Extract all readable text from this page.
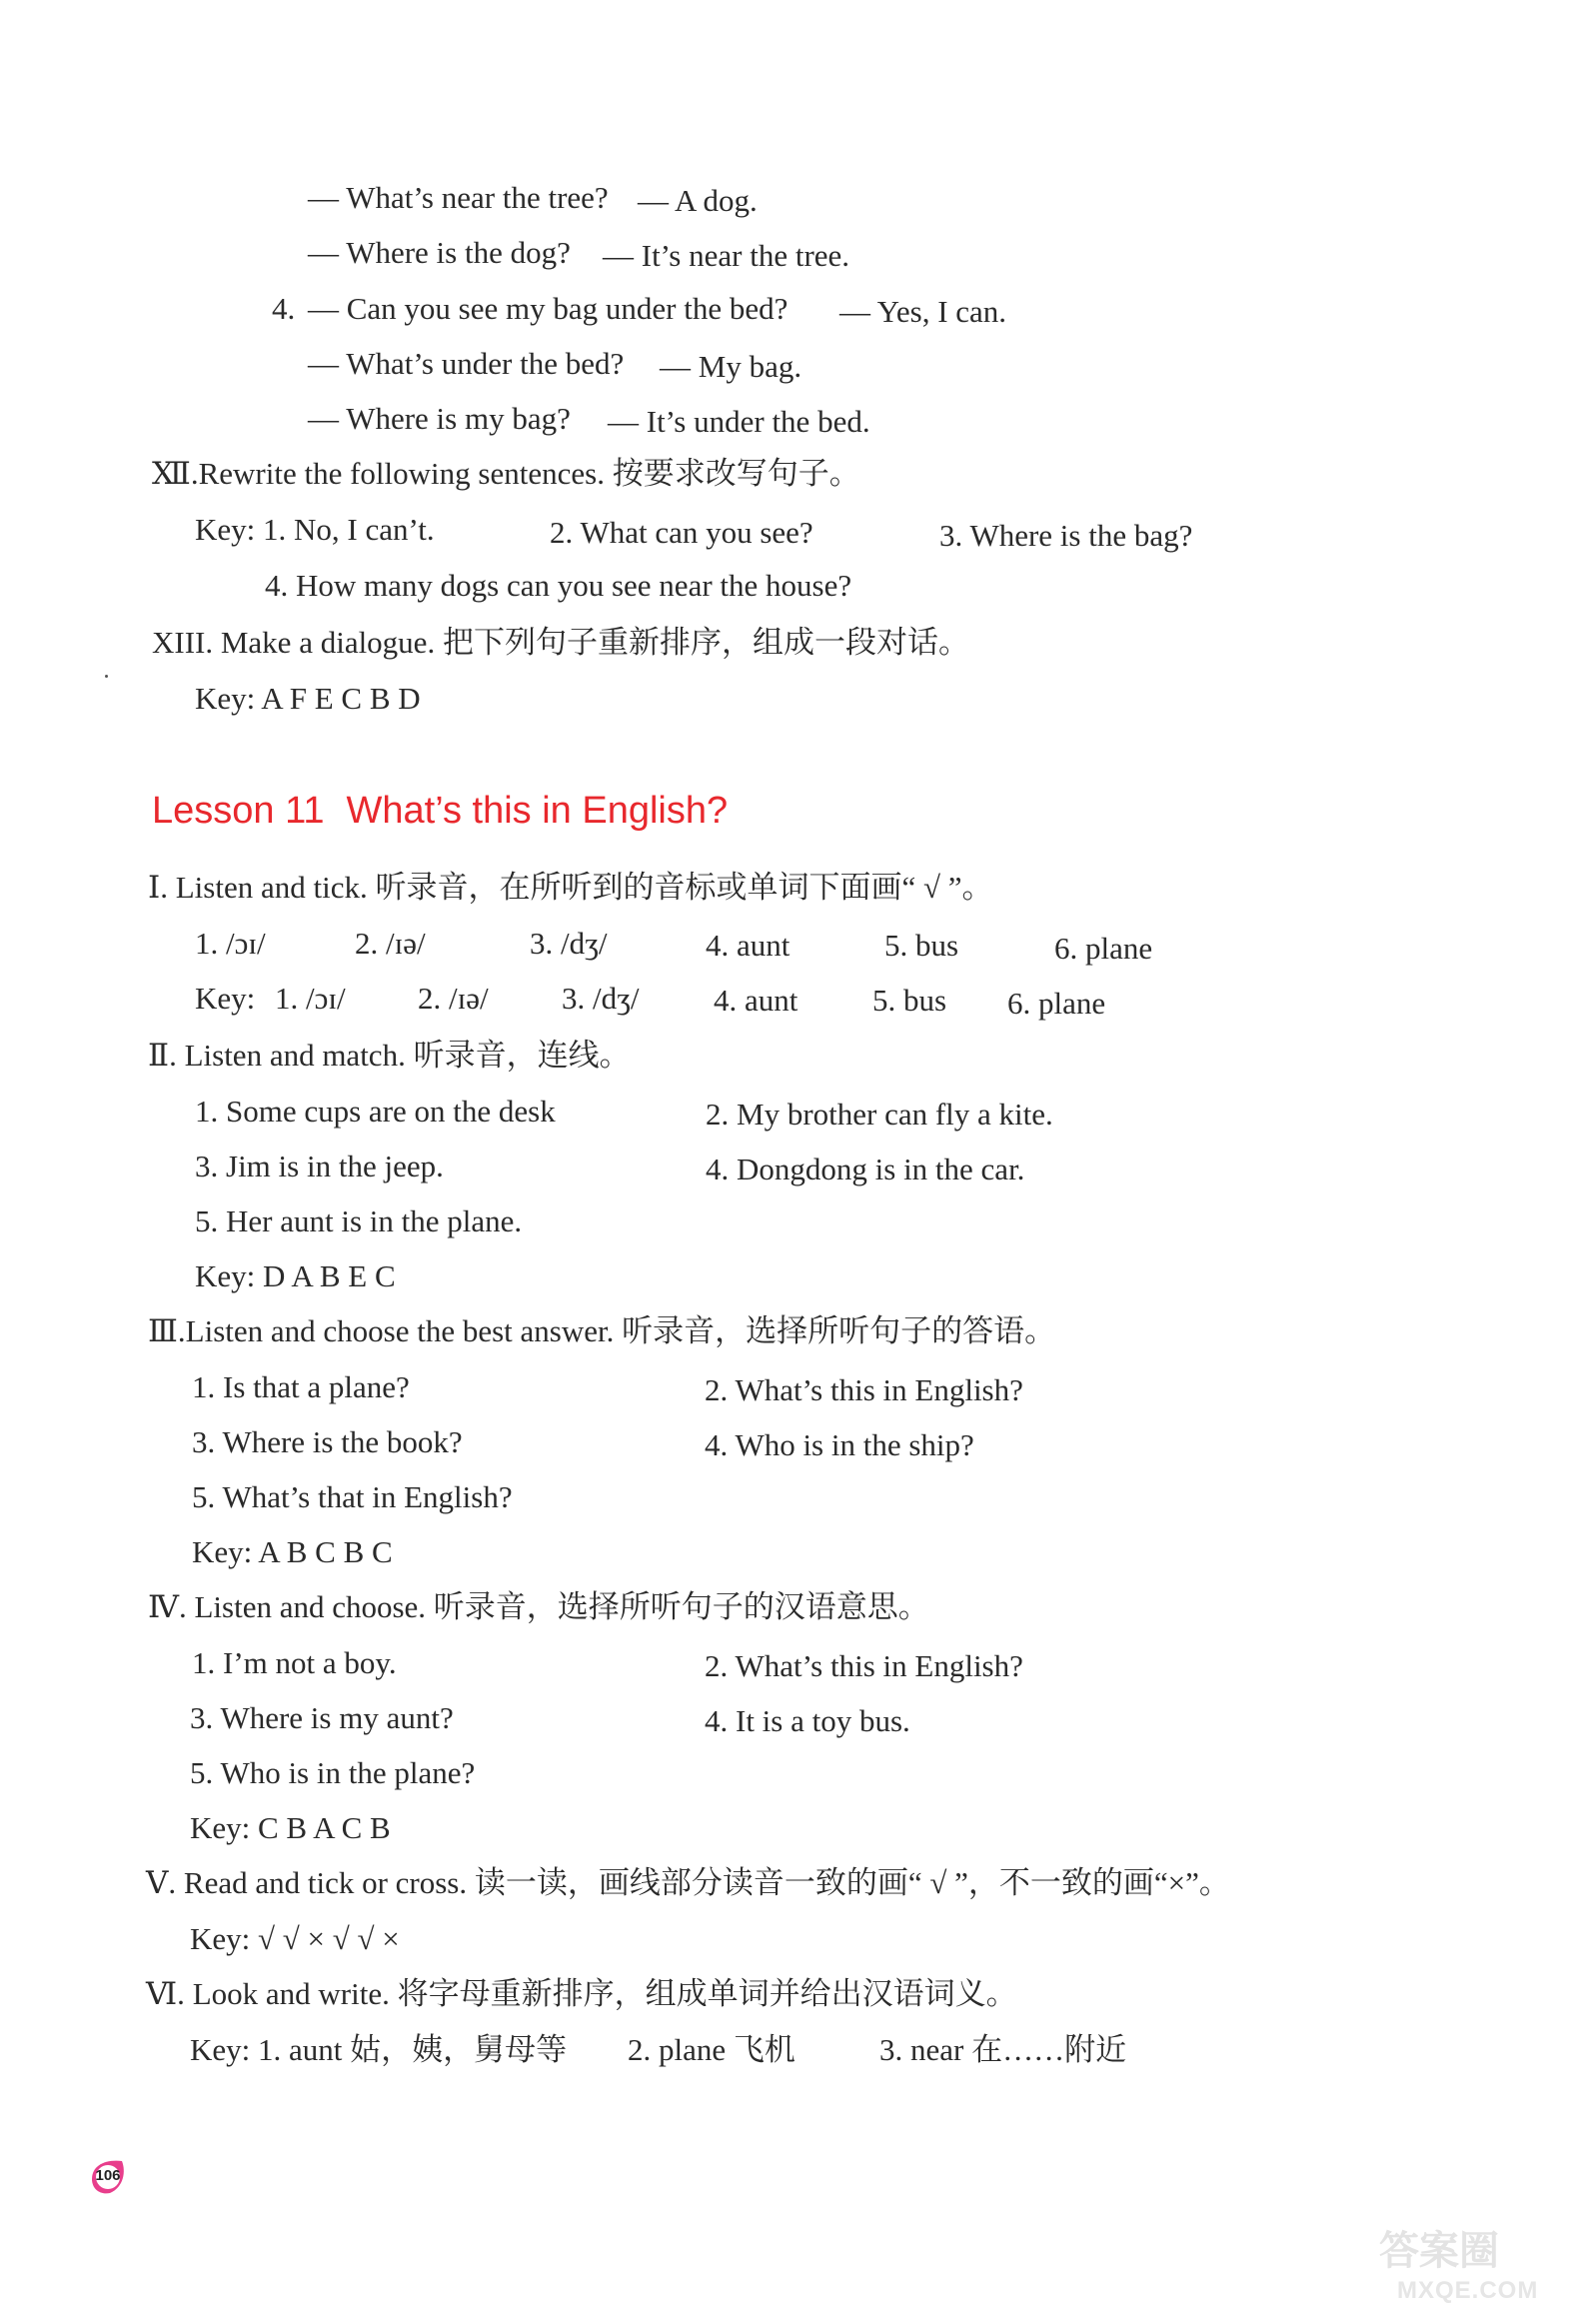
— What’s near the tree? — A dog.
— Where is the dog? — It’s near the tree.
4. — Can you see my bag under the bed? — Yes, I can.
— What’s under the bed? — My bag.
— Where is my bag? — It’s under the bed.
Ⅻ.Rewrite the following sentences. 按要求改写句子。
Key: 1. No, I can’t.	2. What can you see?	3. Where is the bag?
4. How many dogs can you see near the house?
XIII. Make a dialogue. 把下列句子重新排序，组成一段对话。
Key: A F E C B D
Lesson 11 What’s this in English?
Ⅰ. Listen and tick. 听录音，在所听到的音标或单词下面画“ √ ”。
1. /ɔɪ/	2. /ɪə/	3. /dʒ/	4. aunt	5. bus	6. plane
Key: 1. /ɔɪ/ 2. /ɪə/ 3. /dʒ/ 4. aunt 5. bus 6. plane
Ⅱ. Listen and match. 听录音，连线。
1. Some cups are on the desk	2. My brother can fly a kite.
3. Jim is in the jeep.	4. Dongdong is in the car.
5. Her aunt is in the plane.
Key: D A B E C
Ⅲ.Listen and choose the best answer. 听录音，选择所听句子的答语。
1. Is that a plane?	2. What’s this in English?
3. Where is the book?	4. Who is in the ship?
5. What’s that in English?
Key: A B C B C
Ⅳ. Listen and choose. 听录音，选择所听句子的汉语意思。
1. I’m not a boy.	2. What’s this in English?
3. Where is my aunt?	4. It is a toy bus.
5. Who is in the plane?
Key: C B A C B
Ⅴ. Read and tick or cross. 读一读，画线部分读音一致的画“ √ ”，不一致的画“×”。
Key: √ √ × √ √ ×
Ⅵ. Look and write. 将字母重新排序，组成单词并给出汉语词义。
Key: 1. aunt 姑，姨，舅母等 2. plane 飞机	3. near 在……附近
106
答案圈
MXQE.COM
